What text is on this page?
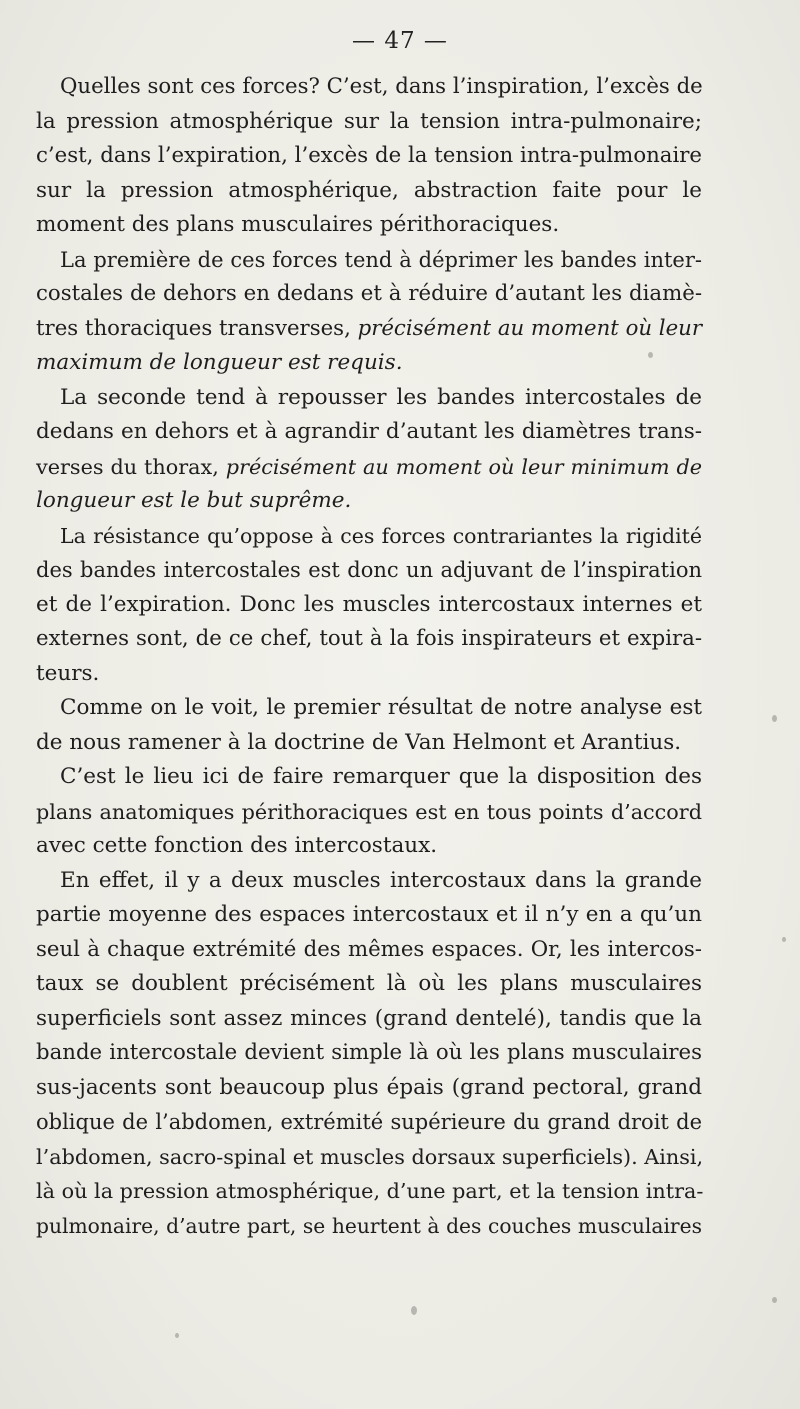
— 47 —
Quelles sont ces forces? C’est, dans l’inspiration, l’excès de
la pression atmosphérique sur la tension intra-pulmonaire;
c’est, dans l’expiration, l’excès de la tension intra-pulmonaire
sur la pression atmosphérique, abstraction faite pour le
moment des plans musculaires périthoraciques.
La première de ces forces tend à déprimer les bandes inter-
costales de dehors en dedans et à réduire d’autant les diamè-
tres thoraciques transverses, précisément au moment où leur
maximum de longueur est requis.
La seconde tend à repousser les bandes intercostales de
dedans en dehors et à agrandir d’autant les diamètres trans-
verses du thorax, précisément au moment où leur minimum de
longueur est le but suprême.
La résistance qu’oppose à ces forces contrariantes la rigidité
des bandes intercostales est donc un adjuvant de l’inspiration
et de l’expiration. Donc les muscles intercostaux internes et
externes sont, de ce chef, tout à la fois inspirateurs et expira-
teurs.
Comme on le voit, le premier résultat de notre analyse est
de nous ramener à la doctrine de Van Helmont et Arantius.
C’est le lieu ici de faire remarquer que la disposition des
plans anatomiques périthoraciques est en tous points d’accord
avec cette fonction des intercostaux.
En effet, il y a deux muscles intercostaux dans la grande
partie moyenne des espaces intercostaux et il n’y en a qu’un
seul à chaque extrémité des mêmes espaces. Or, les intercos-
taux se doublent précisément là où les plans musculaires
superficiels sont assez minces (grand dentelé), tandis que la
bande intercostale devient simple là où les plans musculaires
sus-jacents sont beaucoup plus épais (grand pectoral, grand
oblique de l’abdomen, extrémité supérieure du grand droit de
l’abdomen, sacro-spinal et muscles dorsaux superficiels). Ainsi,
là où la pression atmosphérique, d’une part, et la tension intra-
pulmonaire, d’autre part, se heurtent à des couches musculaires
